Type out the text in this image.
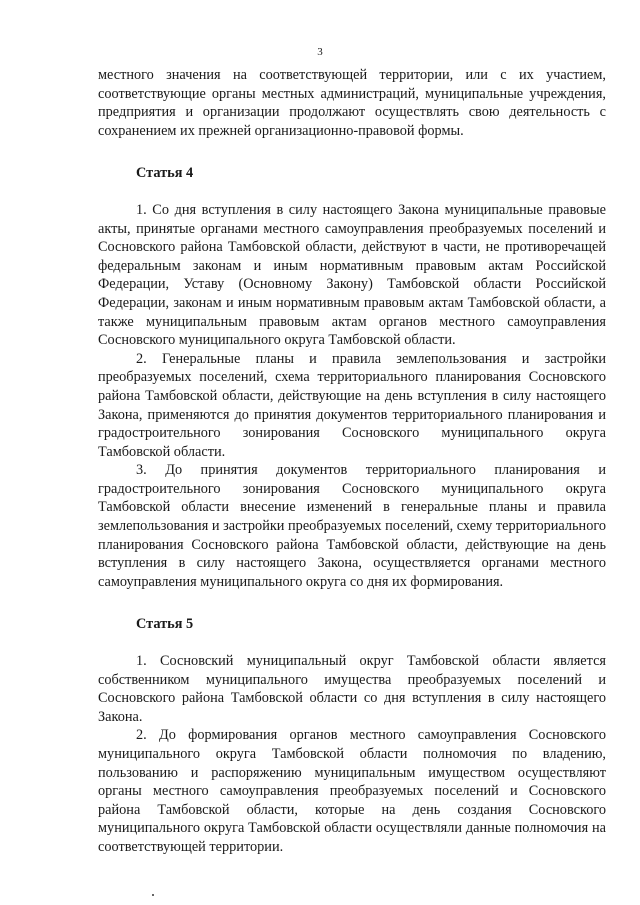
3

местного значения на соответствующей территории, или с их участием, соответствующие органы местных администраций, муниципальные учреждения, предприятия и организации продолжают осуществлять свою деятельность с сохранением их прежней организационно-правовой формы.

Статья 4

1. Со дня вступления в силу настоящего Закона муниципальные правовые акты, принятые органами местного самоуправления преобразуемых поселений и Сосновского района Тамбовской области, действуют в части, не противоречащей федеральным законам и иным нормативным правовым актам Российской Федерации, Уставу (Основному Закону) Тамбовской области Российской Федерации, законам и иным нормативным правовым актам Тамбовской области, а также муниципальным правовым актам органов местного самоуправления Сосновского муниципального округа Тамбовской области.

2. Генеральные планы и правила землепользования и застройки преобразуемых поселений, схема территориального планирования Сосновского района Тамбовской области, действующие на день вступления в силу настоящего Закона, применяются до принятия документов территориального планирования и градостроительного зонирования Сосновского муниципального округа Тамбовской области.

3. До принятия документов территориального планирования и градостроительного зонирования Сосновского муниципального округа Тамбовской области внесение изменений в генеральные планы и правила землепользования и застройки преобразуемых поселений, схему территориального планирования Сосновского района Тамбовской области, действующие на день вступления в силу настоящего Закона, осуществляется органами местного самоуправления муниципального округа со дня их формирования.

Статья 5

1. Сосновский муниципальный округ Тамбовской области является собственником муниципального имущества преобразуемых поселений и Сосновского района Тамбовской области со дня вступления в силу настоящего Закона.

2. До формирования органов местного самоуправления Сосновского муниципального округа Тамбовской области полномочия по владению, пользованию и распоряжению муниципальным имуществом осуществляют органы местного самоуправления преобразуемых поселений и Сосновского района Тамбовской области, которые на день создания Сосновского муниципального округа Тамбовской области осуществляли данные полномочия на соответствующей территории.
